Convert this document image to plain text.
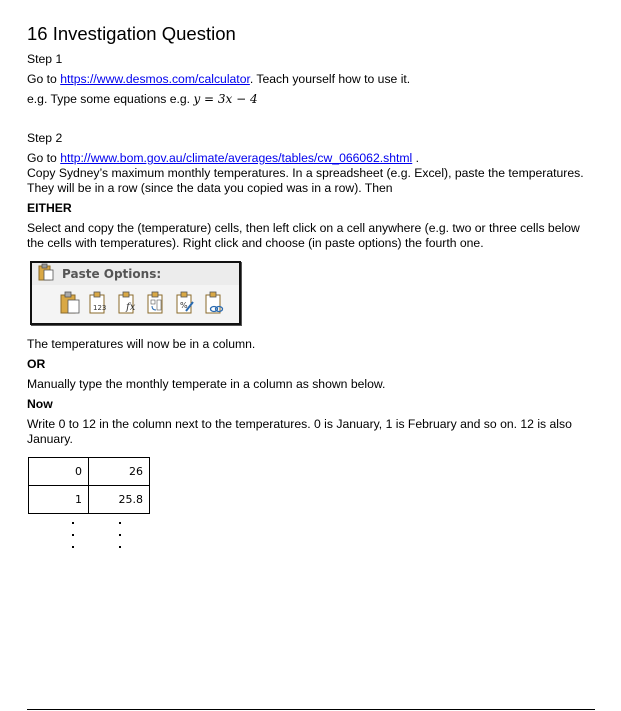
16 Investigation Question

Step 1

Go to https://www.desmos.com/calculator. Teach yourself how to use it.

e.g. Type some equations e.g. y = 3x − 4

Step 2

Go to http://www.bom.gov.au/climate/averages/tables/cw_066062.shtml .

Copy Sydney’s maximum monthly temperatures. In a spreadsheet (e.g. Excel), paste the temperatures. They will be in a row (since the data you copied was in a row). Then

EITHER

Select and copy the (temperature) cells, then left click on a cell anywhere (e.g. two or three cells below the cells with temperatures). Right click and choose (in paste options) the fourth one.

Paste Options:
123 fx	%

The temperatures will now be in a column.

OR

Manually type the monthly temperate in a column as shown below.

Now

Write 0 to 12 in the column next to the temperatures. 0 is January, 1 is February and so on. 12 is also January.

0	26
1	25.8
